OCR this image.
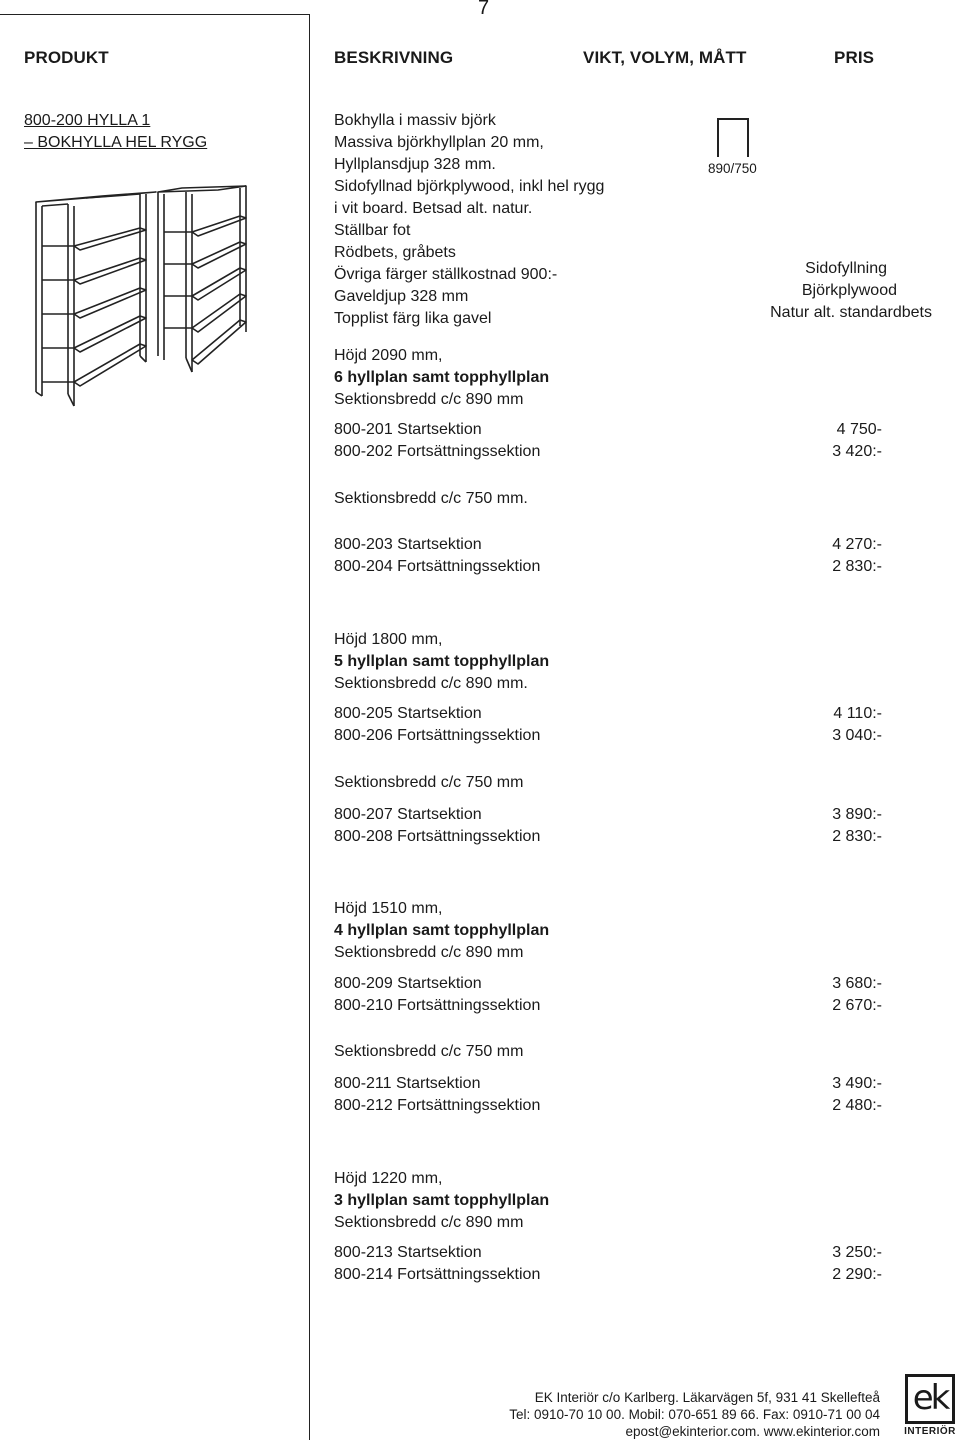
7
PRODUKT	BESKRIVNING	VIKT, VOLYM, MÅTT	PRIS
800-200 HYLLA 1
– BOKHYLLA HEL RYGG
Bokhylla i massiv björk
Massiva björkhyllplan 20 mm,
Hyllplansdjup 328 mm.
Sidofyllnad björkplywood, inkl hel rygg
i vit board. Betsad alt. natur.
Ställbar fot
Rödbets, gråbets
Övriga färger ställkostnad 900:-
Gaveldjup 328 mm
Topplist färg lika gavel
890/750
Sidofyllning
Björkplywood
Natur alt. standardbets
Höjd 2090 mm,
6 hyllplan samt topphyllplan
Sektionsbredd c/c 890 mm
800-201 Startsektion	4 750-
800-202 Fortsättningssektion	3 420:-
Sektionsbredd c/c 750 mm.
800-203 Startsektion	4 270:-
800-204 Fortsättningssektion	2 830:-
Höjd 1800 mm,
5 hyllplan samt topphyllplan
Sektionsbredd c/c 890 mm.
800-205 Startsektion	4 110:-
800-206 Fortsättningssektion	3 040:-
Sektionsbredd c/c 750 mm
800-207 Startsektion	3 890:-
800-208 Fortsättningssektion	2 830:-
Höjd 1510 mm,
4 hyllplan samt topphyllplan
Sektionsbredd c/c 890 mm
800-209 Startsektion	3 680:-
800-210 Fortsättningssektion	2 670:-
Sektionsbredd c/c 750 mm
800-211 Startsektion	3 490:-
800-212 Fortsättningssektion	2 480:-
Höjd 1220 mm,
3 hyllplan samt topphyllplan
Sektionsbredd c/c 890 mm
800-213 Startsektion	3 250:-
800-214 Fortsättningssektion	2 290:-
EK Interiör c/o Karlberg. Läkarvägen 5f, 931 41 Skellefteå
Tel: 0910-70 10 00. Mobil: 070-651 89 66. Fax: 0910-71 00 04
epost@ekinterior.com. www.ekinterior.com
ek
INTERIÖR
